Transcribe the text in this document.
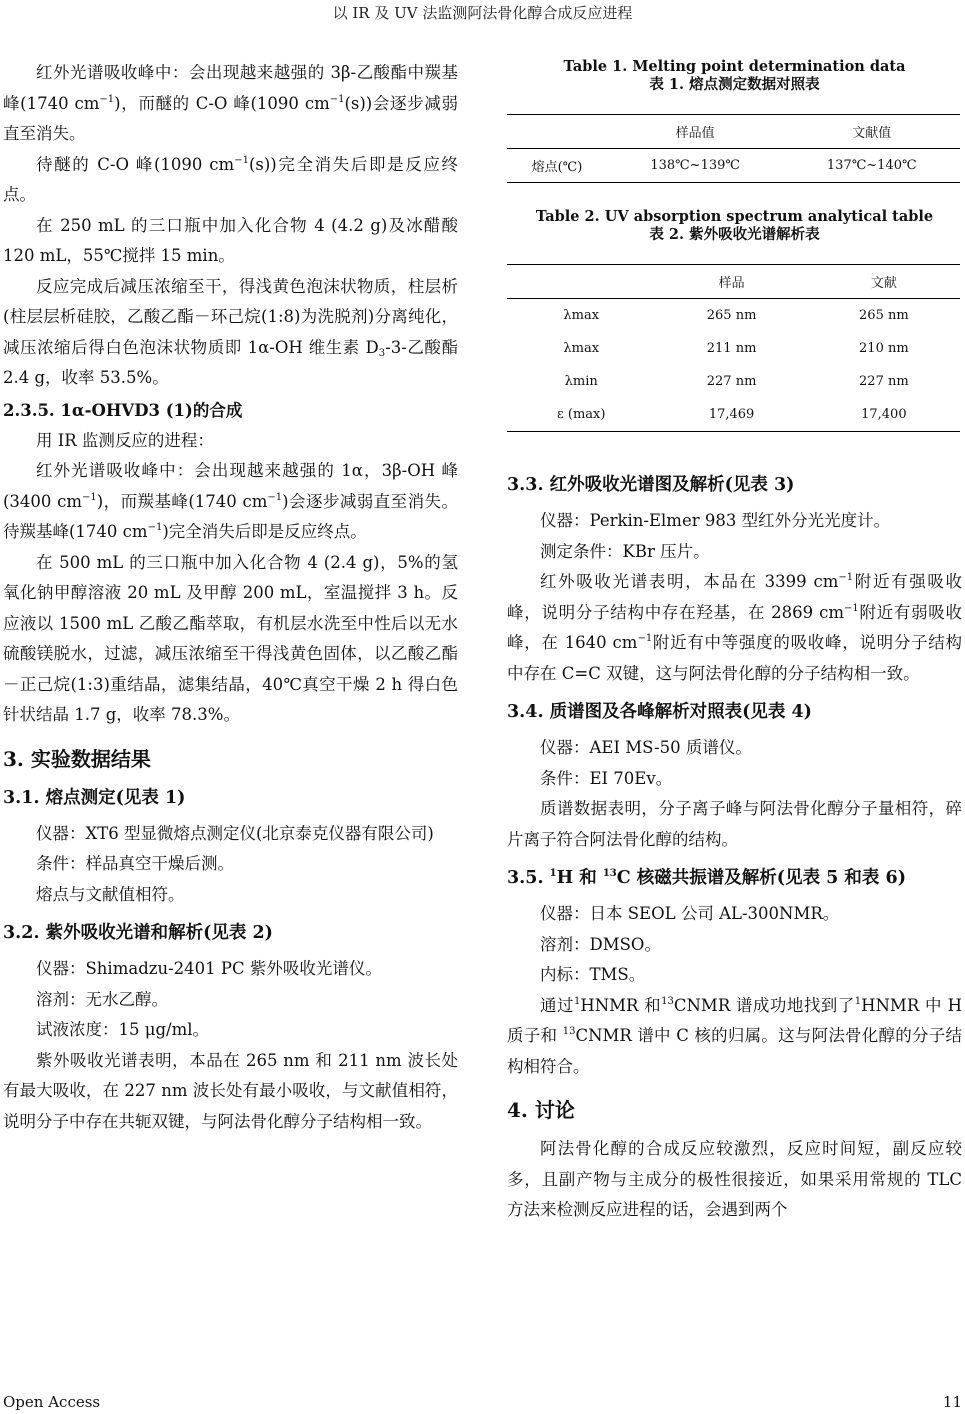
以 IR 及 UV 法监测阿法骨化醇合成反应进程

红外光谱吸收峰中：会出现越来越强的 3β-乙酸酯中羰基峰(1740 $cm^{-1}$)，而醚的 C-O 峰(1090 $cm^{-1}(s)$)会逐步减弱直至消失。

待醚的 C-O 峰(1090 $cm^{-1}(s)$)完全消失后即是反应终点。

在 250 mL 的三口瓶中加入化合物 4 (4.2 g)及冰醋酸 120 mL，55℃搅拌 15 min。

反应完成后减压浓缩至干，得浅黄色泡沫状物质，柱层析(柱层层析硅胶，乙酸乙酯－环己烷(1:8)为洗脱剂)分离纯化，减压浓缩后得白色泡沫状物质即 1α-OH 维生素 $D_3-3-$乙酸酯 2.4 g，收率 53.5%。

2.3.5. 1α-OHVD3 (1)的合成

用 IR 监测反应的进程：

红外光谱吸收峰中：会出现越来越强的 1α，3β-OH 峰(3400 $cm^{-1}$)，而羰基峰(1740 $cm^{-1}$)会逐步减弱直至消失。待羰基峰(1740 $cm^{-1}$)完全消失后即是反应终点。

在 500 mL 的三口瓶中加入化合物 4 (2.4 g)，5%的氢氧化钠甲醇溶液 20 mL 及甲醇 200 mL，室温搅拌 3 h。反应液以 1500 mL 乙酸乙酯萃取，有机层水洗至中性后以无水硫酸镁脱水，过滤，减压浓缩至干得浅黄色固体，以乙酸乙酯－正己烷(1:3)重结晶，滤集结晶，40℃真空干燥 2 h 得白色针状结晶 1.7 g，收率 78.3%。

3. 实验数据结果
3.1. 熔点测定(见表 1)

仪器：XT6 型显微熔点测定仪(北京泰克仪器有限公司)

条件：样品真空干燥后测。

熔点与文献值相符。

3.2. 紫外吸收光谱和解析(见表 2)

仪器：Shimadzu-2401 PC 紫外吸收光谱仪。

溶剂：无水乙醇。

试液浓度：15 μg/ml。

紫外吸收光谱表明，本品在 265 nm 和 211 nm 波长处有最大吸收，在 227 nm 波长处有最小吸收，与文献值相符，说明分子中存在共轭双键，与阿法骨化醇分子结构相一致。

Table 1. Melting point determination data

表 1. 熔点测定数据对照表

	样品值	文献值
熔点(℃)	138℃~139℃	137℃~140℃

Table 2. UV absorption spectrum analytical table

表 2. 紫外吸收光谱解析表

	样品	文献
λmax	265 nm	265 nm
λmax	211 nm	210 nm
λmin	227 nm	227 nm
ε (max)	17,469	17,400
3.3. 红外吸收光谱图及解析(见表 3)

仪器：Perkin-Elmer 983 型红外分光光度计。

测定条件：KBr 压片。

红外吸收光谱表明，本品在 3399 $cm^{-1}$附近有强吸收峰，说明分子结构中存在羟基，在 2869 $cm^{-1}$附近有弱吸收峰，在 1640 $cm^{-1}$附近有中等强度的吸收峰，说明分子结构中存在 C=C 双键，这与阿法骨化醇的分子结构相一致。

3.4. 质谱图及各峰解析对照表(见表 4)

仪器：AEI MS-50 质谱仪。

条件：EI 70Ev。

质谱数据表明，分子离子峰与阿法骨化醇分子量相符，碎片离子符合阿法骨化醇的结构。

3.5. $^1$H 和 $^{13}$C 核磁共振谱及解析(见表 5 和表 6)

仪器：日本 SEOL 公司 AL-300NMR。

溶剂：DMSO。

内标：TMS。

通过$^1$HNMR 和$^{13}$CNMR 谱成功地找到了$^1$HNMR 中 H 质子和 $^{13}$CNMR 谱中 C 核的归属。这与阿法骨化醇的分子结构相符合。

4. 讨论

阿法骨化醇的合成反应较激烈，反应时间短，副反应较多，且副产物与主成分的极性很接近，如果采用常规的 TLC 方法来检测反应进程的话，会遇到两个

Open Access	11
